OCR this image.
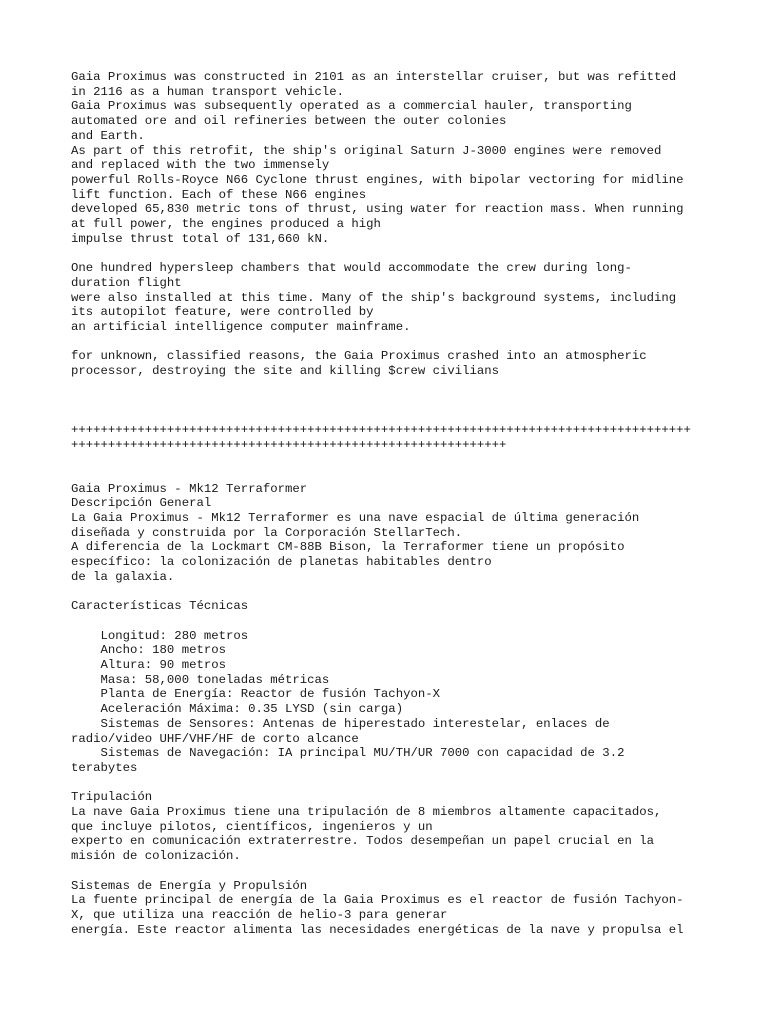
Gaia Proximus was constructed in 2101 as an interstellar cruiser, but was refitted
in 2116 as a human transport vehicle.
Gaia Proximus was subsequently operated as a commercial hauler, transporting
automated ore and oil refineries between the outer colonies
and Earth.
As part of this retrofit, the ship's original Saturn J-3000 engines were removed
and replaced with the two immensely
powerful Rolls-Royce N66 Cyclone thrust engines, with bipolar vectoring for midline
lift function. Each of these N66 engines
developed 65,830 metric tons of thrust, using water for reaction mass. When running
at full power, the engines produced a high
impulse thrust total of 131,660 kN.
One hundred hypersleep chambers that would accommodate the crew during long-
duration flight
were also installed at this time. Many of the ship's background systems, including
its autopilot feature, were controlled by
an artificial intelligence computer mainframe.
for unknown, classified reasons, the Gaia Proximus crashed into an atmospheric
processor, destroying the site and killing $crew civilians
++++++++++++++++++++++++++++++++++++++++++++++++++++++++++++++++++++++++++++++++++++
+++++++++++++++++++++++++++++++++++++++++++++++++++++++++++
Gaia Proximus - Mk12 Terraformer
Descripción General
La Gaia Proximus - Mk12 Terraformer es una nave espacial de última generación
diseñada y construida por la Corporación StellarTech.
A diferencia de la Lockmart CM-88B Bison, la Terraformer tiene un propósito
específico: la colonización de planetas habitables dentro
de la galaxia.
Características Técnicas
Longitud: 280 metros
Ancho: 180 metros
Altura: 90 metros
Masa: 58,000 toneladas métricas
Planta de Energía: Reactor de fusión Tachyon-X
Aceleración Máxima: 0.35 LYSD (sin carga)
Sistemas de Sensores: Antenas de hiperestado interestelar, enlaces de
radio/video UHF/VHF/HF de corto alcance
Sistemas de Navegación: IA principal MU/TH/UR 7000 con capacidad de 3.2
terabytes
Tripulación
La nave Gaia Proximus tiene una tripulación de 8 miembros altamente capacitados,
que incluye pilotos, científicos, ingenieros y un
experto en comunicación extraterrestre. Todos desempeñan un papel crucial en la
misión de colonización.
Sistemas de Energía y Propulsión
La fuente principal de energía de la Gaia Proximus es el reactor de fusión Tachyon-
X, que utiliza una reacción de helio-3 para generar
energía. Este reactor alimenta las necesidades energéticas de la nave y propulsa el
